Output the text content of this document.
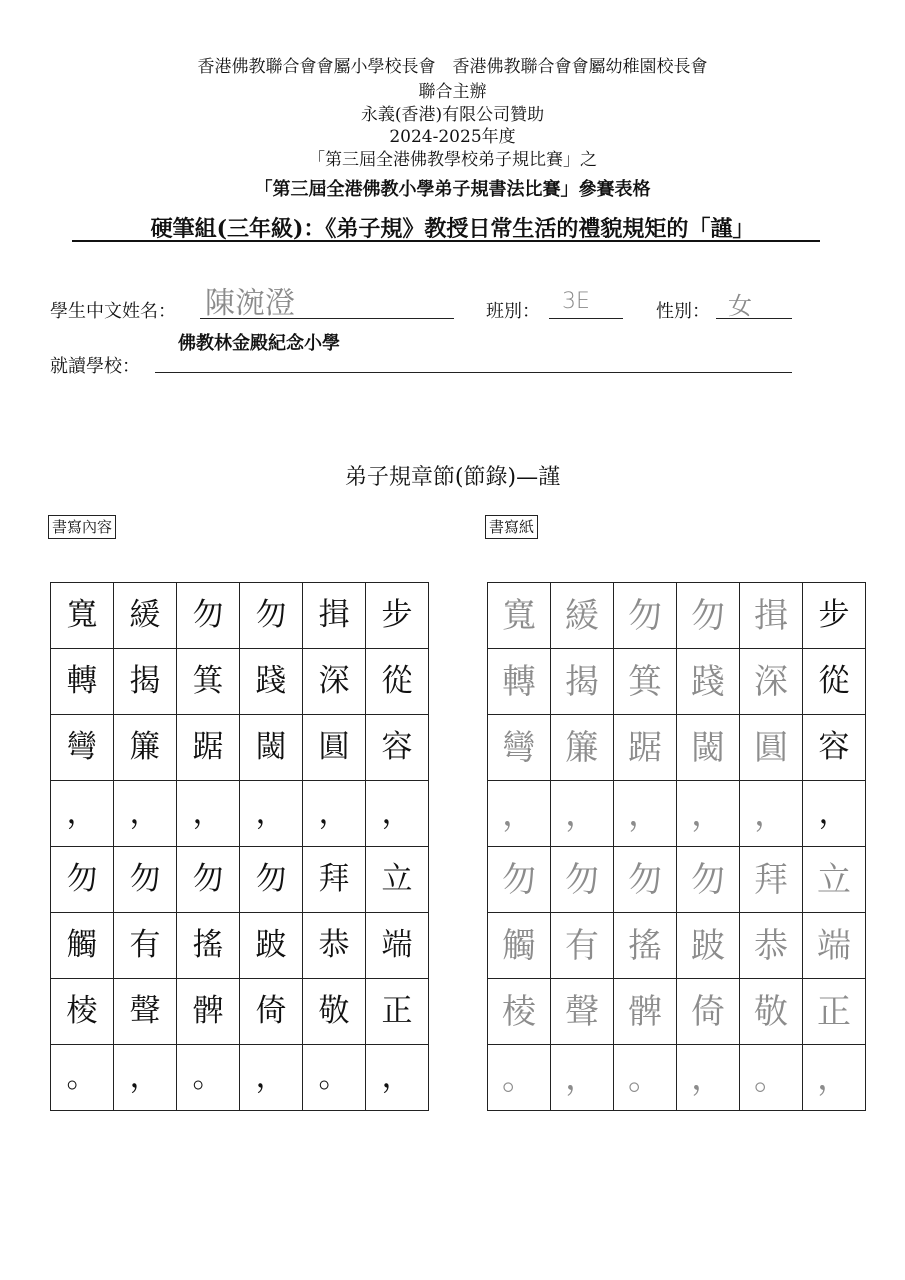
香港佛教聯合會會屬小學校長會　香港佛教聯合會會屬幼稚園校長會
聯合主辦
永義(香港)有限公司贊助
2024-2025年度
「第三屆全港佛教學校弟子規比賽」之
「第三屆全港佛教小學弟子規書法比賽」參賽表格
硬筆組(三年級)：《弟子規》教授日常生活的禮貌規矩的「謹」
學生中文姓名： 陳涴澄	班別： 3E	性別： 女
就讀學校：
佛教林金殿紀念小學
弟子規章節(節錄)—謹
書寫內容	書寫紙
寬	緩	勿	勿	揖	步
轉	揭	箕	踐	深	從
彎	簾	踞	閾	圓	容
，	，	，	，	，	，
勿	勿	勿	勿	拜	立
觸	有	搖	跛	恭	端
棱	聲	髀	倚	敬	正
。	，	。	，	。	，
寬	緩	勿	勿	揖	步
轉	揭	箕	踐	深	從
彎	簾	踞	閾	圓	容
，	，	，	，	，	，
勿	勿	勿	勿	拜	立
觸	有	搖	跛	恭	端
棱	聲	髀	倚	敬	正
。	，	。	，	。	，
